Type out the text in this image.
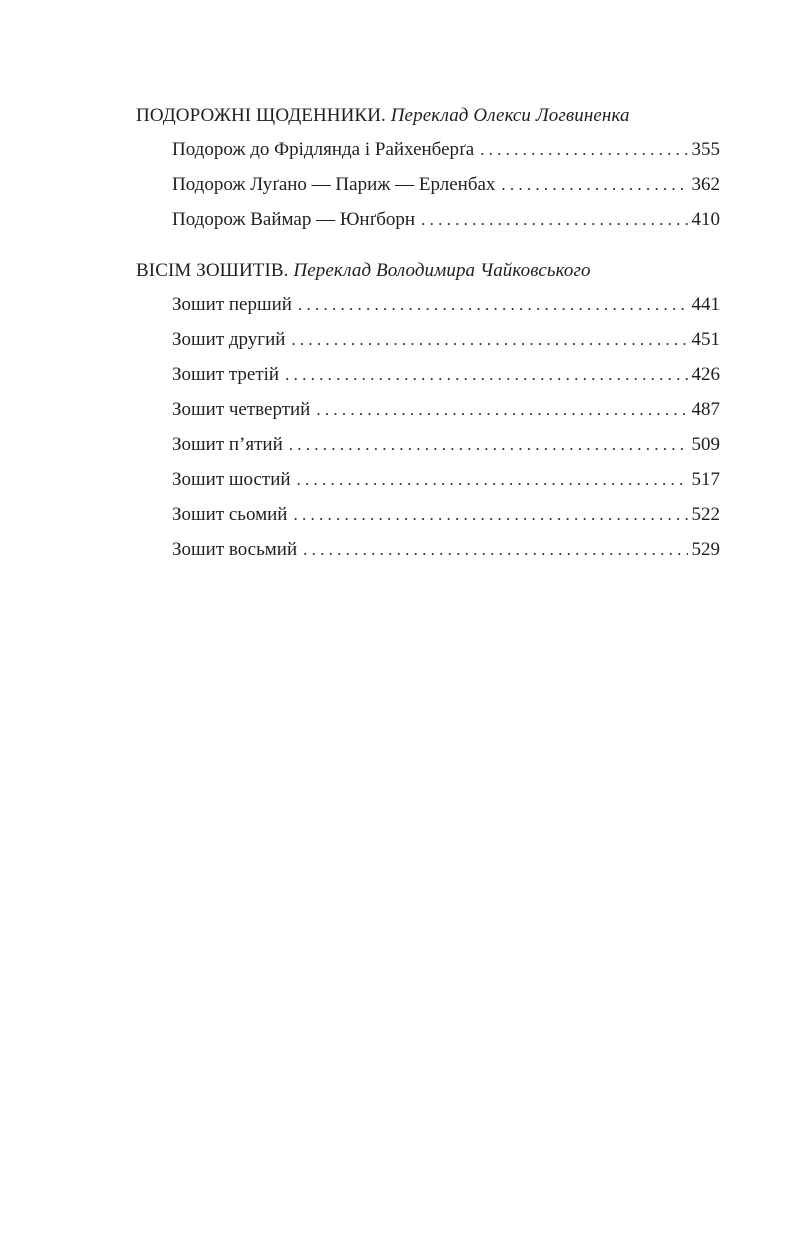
ПОДОРОЖНІ ЩОДЕННИКИ. Переклад Олекси Логвиненка
Подорож до Фрідлянда і Райхенберґа . . .	355
Подорож Луґано — Париж — Ерленбах . . .	362
Подорож Ваймар — Юнґборн . . .	410
ВІСІМ ЗОШИТІВ. Переклад Володимира Чайковського
Зошит перший . . .	441
Зошит другий . . .	451
Зошит третій . . .	426
Зошит четвертий . . .	487
Зошит п’ятий . . .	509
Зошит шостий . . .	517
Зошит сьомий . . .	522
Зошит восьмий . . .	529
